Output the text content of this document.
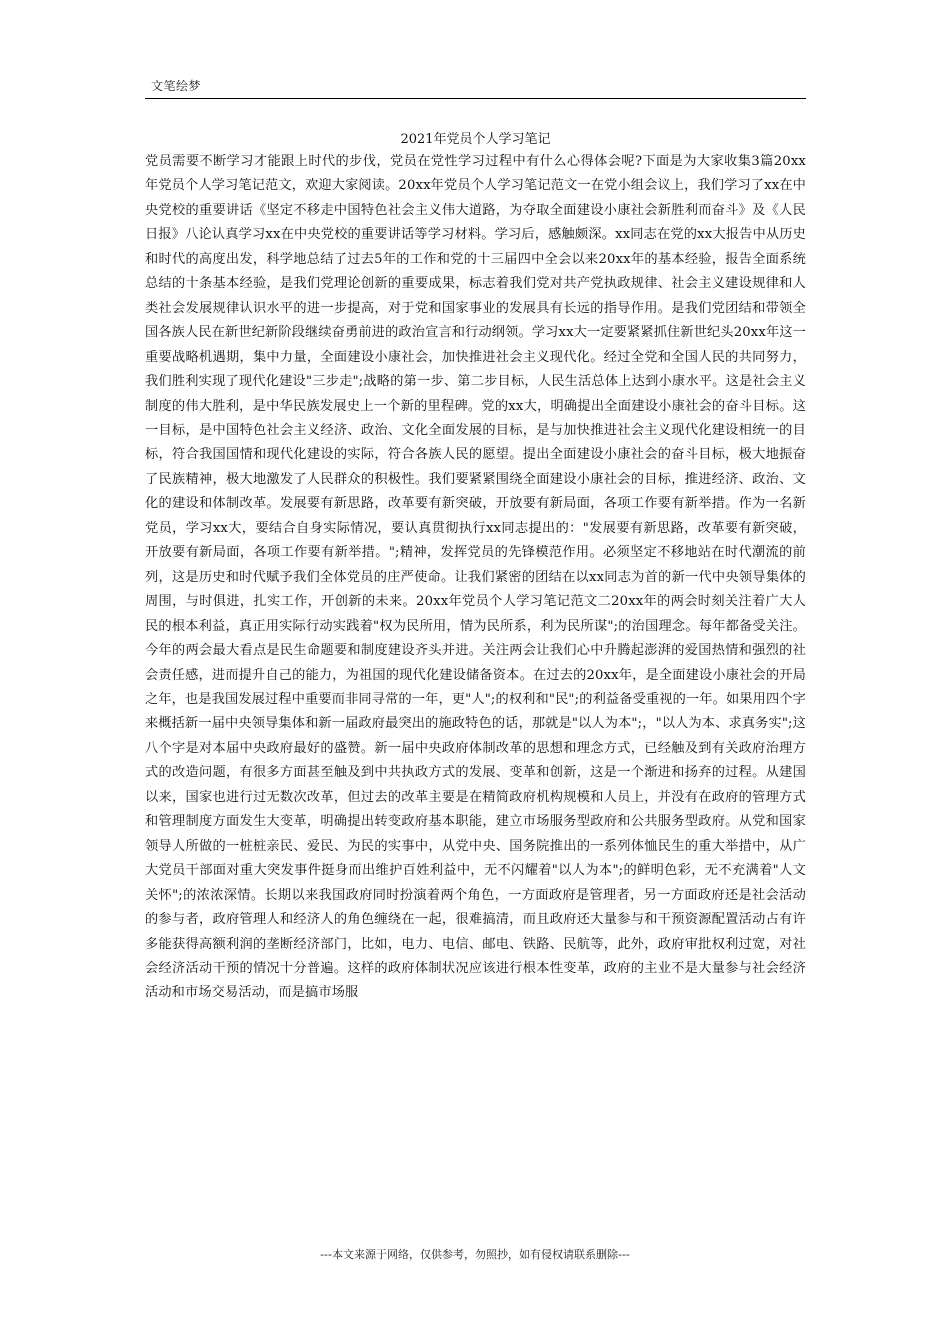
文笔绘梦
2021年党员个人学习笔记

党员需要不断学习才能跟上时代的步伐，党员在党性学习过程中有什么心得体会呢?下面是为大家收集3篇20xx年党员个人学习笔记范文，欢迎大家阅读。20xx年党员个人学习笔记范文一在党小组会议上，我们学习了xx在中央党校的重要讲话《坚定不移走中国特色社会主义伟大道路，为夺取全面建设小康社会新胜利而奋斗》及《人民日报》八论认真学习xx在中央党校的重要讲话等学习材料。学习后，感触颇深。xx同志在党的xx大报告中从历史和时代的高度出发，科学地总结了过去5年的工作和党的十三届四中全会以来20xx年的基本经验，报告全面系统总结的十条基本经验，是我们党理论创新的重要成果，标志着我们党对共产党执政规律、社会主义建设规律和人类社会发展规律认识水平的进一步提高，对于党和国家事业的发展具有长远的指导作用。是我们党团结和带领全国各族人民在新世纪新阶段继续奋勇前进的政治宣言和行动纲领。学习xx大一定要紧紧抓住新世纪头20xx年这一重要战略机遇期，集中力量，全面建设小康社会，加快推进社会主义现代化。经过全党和全国人民的共同努力，我们胜利实现了现代化建设"三步走";战略的第一步、第二步目标，人民生活总体上达到小康水平。这是社会主义制度的伟大胜利，是中华民族发展史上一个新的里程碑。党的xx大，明确提出全面建设小康社会的奋斗目标。这一目标，是中国特色社会主义经济、政治、文化全面发展的目标，是与加快推进社会主义现代化建设相统一的目标，符合我国国情和现代化建设的实际，符合各族人民的愿望。提出全面建设小康社会的奋斗目标，极大地振奋了民族精神，极大地激发了人民群众的积极性。我们要紧紧围绕全面建设小康社会的目标，推进经济、政治、文化的建设和体制改革。发展要有新思路，改革要有新突破，开放要有新局面，各项工作要有新举措。作为一名新党员，学习xx大，要结合自身实际情况，要认真贯彻执行xx同志提出的："发展要有新思路，改革要有新突破，开放要有新局面，各项工作要有新举措。";精神，发挥党员的先锋模范作用。必须坚定不移地站在时代潮流的前列，这是历史和时代赋予我们全体党员的庄严使命。让我们紧密的团结在以xx同志为首的新一代中央领导集体的周围，与时俱进，扎实工作，开创新的未来。20xx年党员个人学习笔记范文二20xx年的两会时刻关注着广大人民的根本利益，真正用实际行动实践着"权为民所用，情为民所系，利为民所谋";的治国理念。每年都备受关注。今年的两会最大看点是民生命题要和制度建设齐头并进。关注两会让我们心中升腾起澎湃的爱国热情和强烈的社会责任感，进而提升自己的能力，为祖国的现代化建设储备资本。在过去的20xx年，是全面建设小康社会的开局之年，也是我国发展过程中重要而非同寻常的一年，更"人";的权利和"民";的利益备受重视的一年。如果用四个字来概括新一届中央领导集体和新一届政府最突出的施政特色的话，那就是"以人为本";，"以人为本、求真务实";这八个字是对本届中央政府最好的盛赞。新一届中央政府体制改革的思想和理念方式，已经触及到有关政府治理方式的改造问题，有很多方面甚至触及到中共执政方式的发展、变革和创新，这是一个渐进和扬弃的过程。从建国以来，国家也进行过无数次改革，但过去的改革主要是在精简政府机构规模和人员上，并没有在政府的管理方式和管理制度方面发生大变革，明确提出转变政府基本职能，建立市场服务型政府和公共服务型政府。从党和国家领导人所做的一桩桩亲民、爱民、为民的实事中，从党中央、国务院推出的一系列体恤民生的重大举措中，从广大党员干部面对重大突发事件挺身而出维护百姓利益中，无不闪耀着"以人为本";的鲜明色彩，无不充满着"人文关怀";的浓浓深情。长期以来我国政府同时扮演着两个角色，一方面政府是管理者，另一方面政府还是社会活动的参与者，政府管理人和经济人的角色缠绕在一起，很难搞清，而且政府还大量参与和干预资源配置活动占有许多能获得高额利润的垄断经济部门，比如，电力、电信、邮电、铁路、民航等，此外，政府审批权利过宽，对社会经济活动干预的情况十分普遍。这样的政府体制状况应该进行根本性变革，政府的主业不是大量参与社会经济活动和市场交易活动，而是搞市场服

---本文来源于网络，仅供参考，勿照抄，如有侵权请联系删除---
